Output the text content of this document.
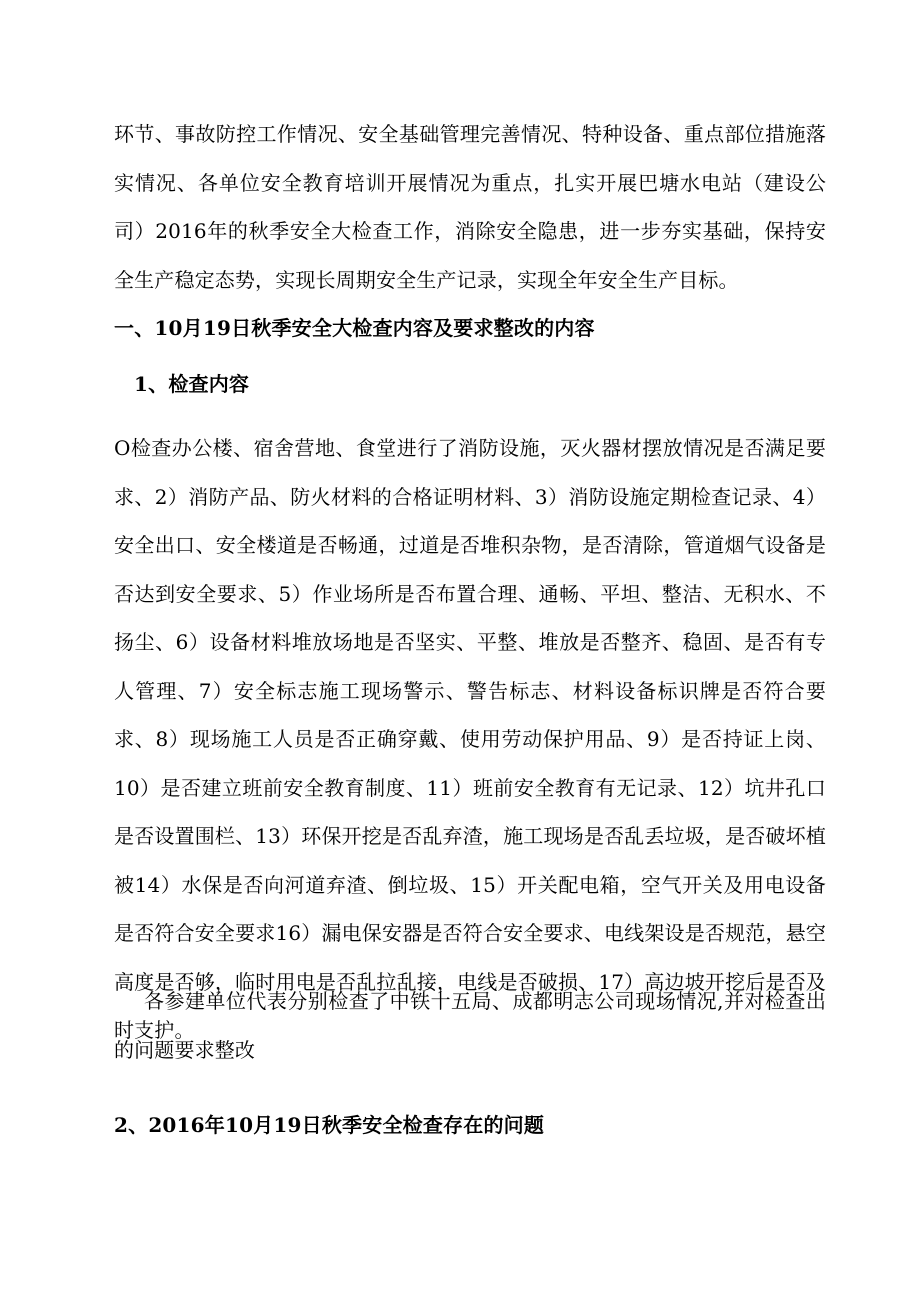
环节、事故防控工作情况、安全基础管理完善情况、特种设备、重点部位措施落实情况、各单位安全教育培训开展情况为重点，扎实开展巴塘水电站（建设公司）2016年的秋季安全大检查工作，消除安全隐患，进一步夯实基础，保持安全生产稳定态势，实现长周期安全生产记录，实现全年安全生产目标。

一、10月19日秋季安全大检查内容及要求整改的内容
1、检查内容

O检查办公楼、宿舍营地、食堂进行了消防设施，灭火器材摆放情况是否满足要求、2）消防产品、防火材料的合格证明材料、3）消防设施定期检查记录、4）安全出口、安全楼道是否畅通，过道是否堆积杂物，是否清除，管道烟气设备是否达到安全要求、5）作业场所是否布置合理、通畅、平坦、整洁、无积水、不扬尘、6）设备材料堆放场地是否坚实、平整、堆放是否整齐、稳固、是否有专人管理、7）安全标志施工现场警示、警告标志、材料设备标识牌是否符合要求、8）现场施工人员是否正确穿戴、使用劳动保护用品、9）是否持证上岗、10）是否建立班前安全教育制度、11）班前安全教育有无记录、12）坑井孔口是否设置围栏、13）环保开挖是否乱弃渣，施工现场是否乱丢垃圾，是否破坏植被14）水保是否向河道弃渣、倒垃圾、15）开关配电箱，空气开关及用电设备是否符合安全要求16）漏电保安器是否符合安全要求、电线架设是否规范，悬空高度是否够，临时用电是否乱拉乱接，电线是否破损、17）高边坡开挖后是否及时支护。

各参建单位代表分别检查了中铁十五局、成都明志公司现场情况,并对检查出的问题要求整改

2、2016年10月19日秋季安全检查存在的问题
